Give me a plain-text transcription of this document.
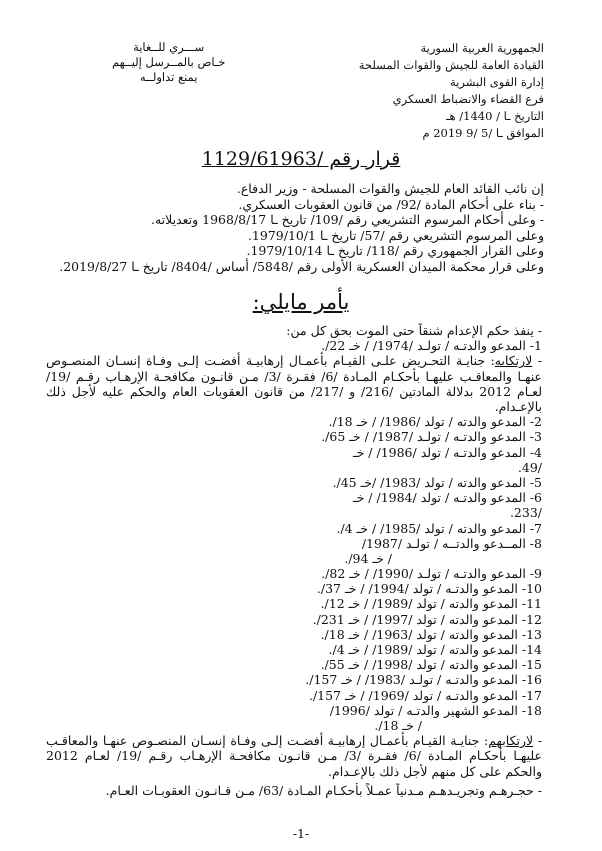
الجمهورية العربية السورية
القيادة العامة للجيش والقوات المسلحة
إدارة القوى البشرية
فرع القضاء والانضباط العسكري
التاريخ ـا / 1440/ هـ
الموافق ـا /5 /9 2019 م
ســـري للــغاية
خـاص بالمــرسل إليــهم
يمنع تداولــه
قرار رقم /1129/61963
إن نائب القائد العام للجيش والقوات المسلحة - وزير الدفاع.
- بناء على أحكام المادة /92/ من قانون العقوبات العسكري.
- وعلى أحكام المرسوم التشريعي رقم /109/ تاريخ ـا 1968/8/17 وتعديلاته.
وعلى المرسوم التشريعي رقم /57/ تاريخ ـا 1979/10/1.
وعلى القرار الجمهوري رقم /118/ تاريخ ـا 1979/10/14.
وعلى قرار محكمة الميدان العسكرية الأولى رقم /5848/ أساس /8404/ تاريخ ـا 2019/8/27.
يأمر مايلي:
- ينفذ حكم الإعدام شنقاً حتى الموت بحق كل من:
1- المدعو والدتـه / تولـد /1974/ / خـ 22/.
- لارتكابه: جنايـة التحـريض علـى القيـام بأعمـال إرهابيـة أفضـت إلـى وفـاة إنسـان المنصـوص عنهـا والمعاقـب عليهـا بأحكـام المـادة /6/ فقـرة /3/ مـن قانـون مكافحـة الإرهـاب رقـم /19/ لعـام 2012 بدلالة المادتين /216/ و /217/ من قانون العقوبات العام والحكم عليه لأجل ذلك بالإعـدام.
2- المدعو والدته / تولد /1986/ / خـ 18/.
3- المدعو والدتـه / تولـد /1987/ / خـ 65/.
4- المدعو والدتـه / تولد /1986/ / خـ
/49.
5- المدعو والدته / تولد /1983/ /خـ 45/.
6- المدعو والدتـه / تولد /1984/ / خـ
/233.
7- المدعو والدته / تولد /1985/ / خـ 4/.
8- المــدعو والدتــه / تولـد /1987/
/ خـ 94/.
9- المدعو والدتـه / تولـد /1990/ / خـ 82/.
10- المدعو والدتـه / تولد /1994/ / خـ 37/.
11- المدعو والدته / تولد /1989/ / خـ 12/.
12- المدعو والدته / تولد /1997/ / خـ 231/.
13- المدعو والدته / تولد /1963/ / خـ 18/.
14- المدعو والدته / تولد /1989/ / خـ 4/.
15- المدعو والدته / تولد /1998/ / خـ 55/.
16- المدعو والدتـه / تولـد /1983/ / خـ 157/.
17- المدعو والدتـه / تولد /1969/ / خـ 157/.
18- المدعو الشهير والدتـه / تولد /1996/
/ خـ 18/.
- لارتكابهم: جنايـة القيـام بأعمـال إرهابيـة أفضـت إلـى وفـاة إنسـان المنصـوص عنهـا والمعاقـب عليهـا بأحكـام المـادة /6/ فقـرة /3/ مـن قانـون مكافحـة الإرهـاب رقـم /19/ لعـام 2012 والحكم على كل منهم لأجل ذلك بالإعـدام.
- حجـرهـم وتجريـدهـم مـدنياً عمـلاً بأحكـام المـادة /63/ مـن قـانـون العقوبـات العـام.
-1-
